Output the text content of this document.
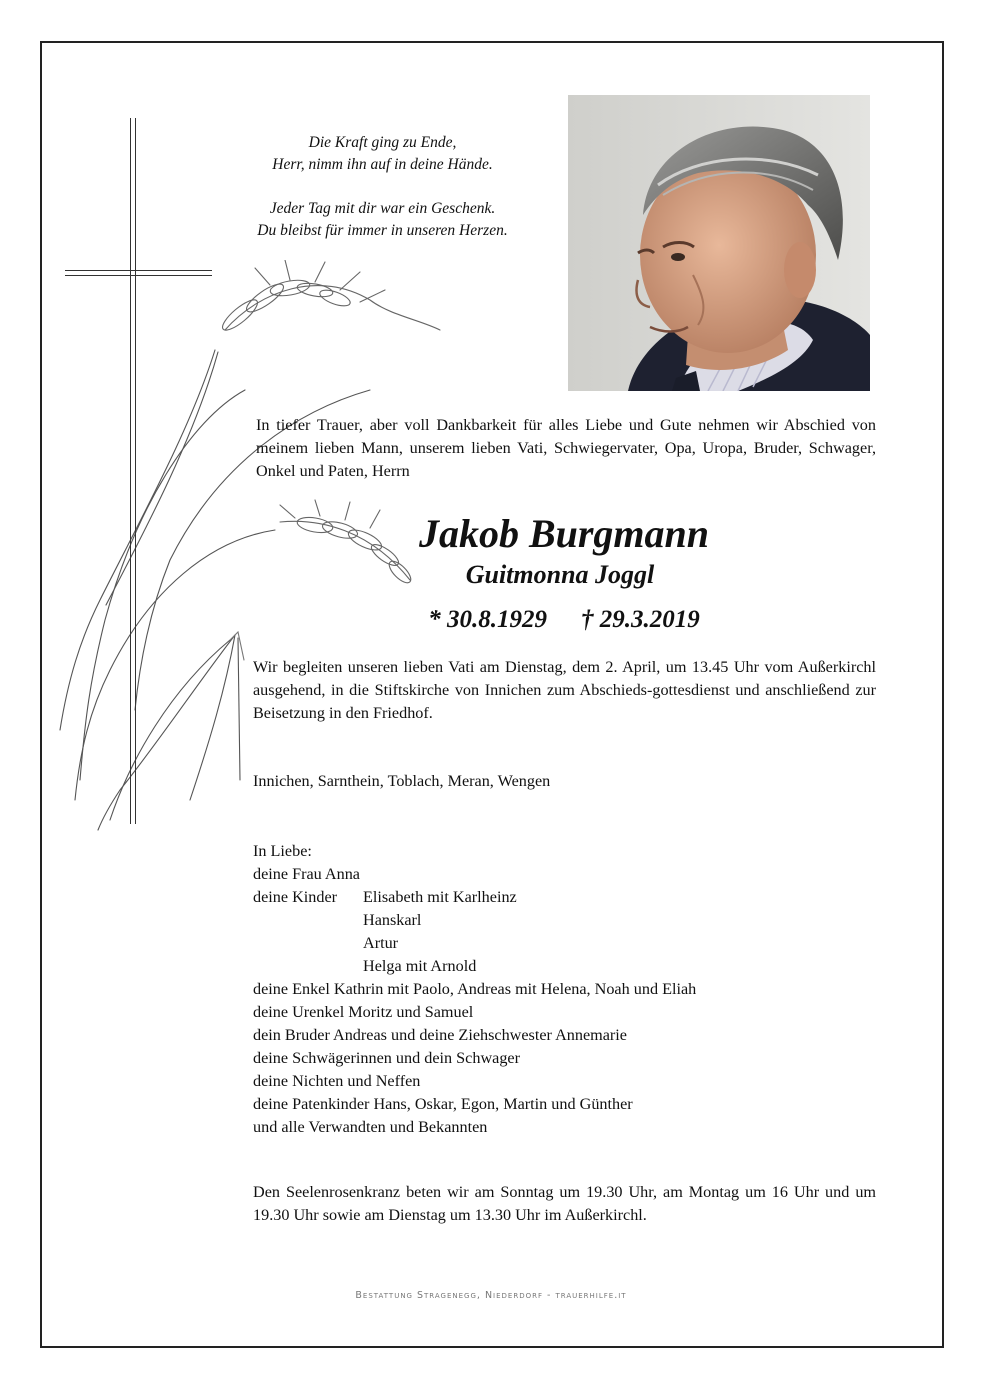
Die Kraft ging zu Ende,
Herr, nimm ihn auf in deine Hände.

Jeder Tag mit dir war ein Geschenk.
Du bleibst für immer in unseren Herzen.

In tiefer Trauer, aber voll Dankbarkeit für alles Liebe und Gute nehmen wir Abschied von meinem lieben Mann, unserem lieben Vati, Schwiegervater, Opa, Uropa, Bruder, Schwager, Onkel und Paten, Herrn
Jakob Burgmann
Guitmonna Joggl
* 30.8.1929 † 29.3.2019
Wir begleiten unseren lieben Vati am Dienstag, dem 2. April, um 13.45 Uhr vom Außerkirchl ausgehend, in die Stiftskirche von Innichen zum Abschieds-gottesdienst und anschließend zur Beisetzung in den Friedhof.
Innichen, Sarnthein, Toblach, Meran, Wengen
In Liebe:
deine Frau Anna
deine Kinder	Elisabeth mit Karlheinz
Hanskarl
Artur
Helga mit Arnold
deine Enkel Kathrin mit Paolo, Andreas mit Helena, Noah und Eliah
deine Urenkel Moritz und Samuel
dein Bruder Andreas und deine Ziehschwester Annemarie
deine Schwägerinnen und dein Schwager
deine Nichten und Neffen
deine Patenkinder Hans, Oskar, Egon, Martin und Günther
und alle Verwandten und Bekannten
Den Seelenrosenkranz beten wir am Sonntag um 19.30 Uhr, am Montag um 16 Uhr und um 19.30 Uhr sowie am Dienstag um 13.30 Uhr im Außerkirchl.
Bestattung Stragenegg, Niederdorf - trauerhilfe.it
